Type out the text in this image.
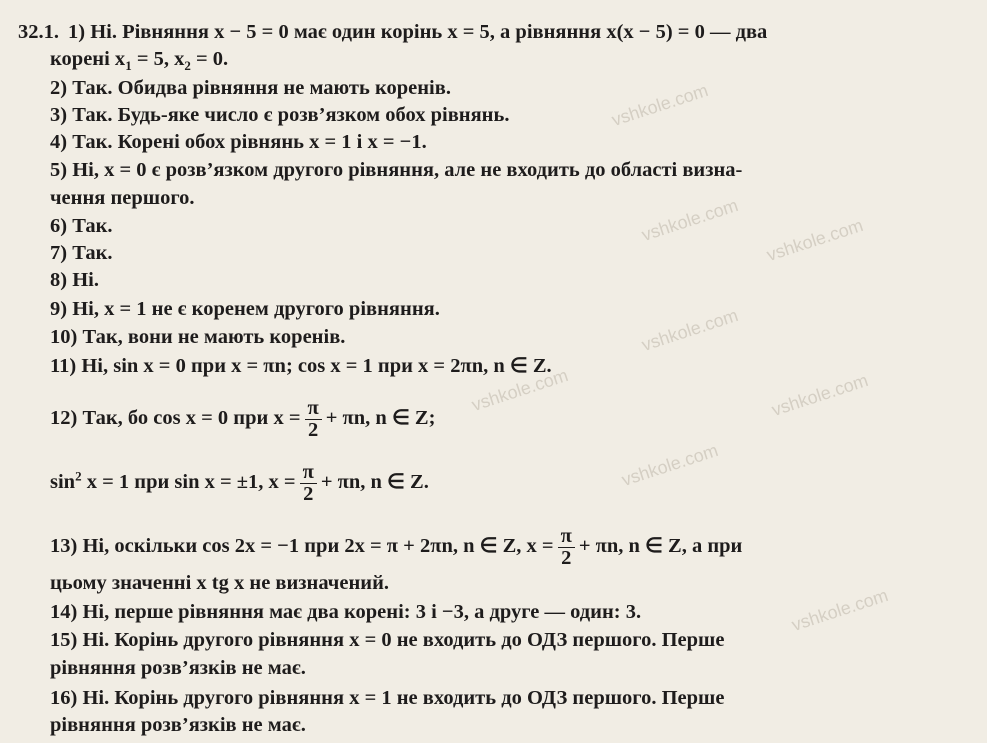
vshkole.com
vshkole.com vshkole.com
vshkole.com
vshkole.com
vshkole.com
vshkole.com
vshkole.com
32.1. 1) Ні. Рівняння x − 5 = 0 має один корінь x = 5, а рівняння x(x − 5) = 0 — два
корені $x_1 = 5$, $x_2 = 0$.
2) Так. Обидва рівняння не мають коренів.
3) Так. Будь-яке число є розв’язком обох рівнянь.
4) Так. Корені обох рівнянь x = 1 і x = −1.
5) Ні, x = 0 є розв’язком другого рівняння, але не входить до області визна-
чення першого.
6) Так.
7) Так.
8) Ні.
9) Ні, x = 1 не є коренем другого рівняння.
10) Так, вони не мають коренів.
11) Ні, sin x = 0 при x = πn; cos x = 1 при x = 2πn, n ∈ Z.
12) Так, бо cos x = 0 при $x = \frac{\pi}{2} + \pi n$, n ∈ Z;
$\sin^2 x = 1$ при sin x = ±1, $x = \frac{\pi}{2} + \pi n$, n ∈ Z.
13) Ні, оскільки cos 2x = −1 при 2x = π + 2πn, n ∈ Z, $x = \frac{\pi}{2} + \pi n$, n ∈ Z, а при
цьому значенні x tg x не визначений.
14) Ні, перше рівняння має два корені: 3 і −3, а друге — один: 3.
15) Ні. Корінь другого рівняння x = 0 не входить до ОДЗ першого. Перше
рівняння розв’язків не має.
16) Ні. Корінь другого рівняння x = 1 не входить до ОДЗ першого. Перше
рівняння розв’язків не має.
